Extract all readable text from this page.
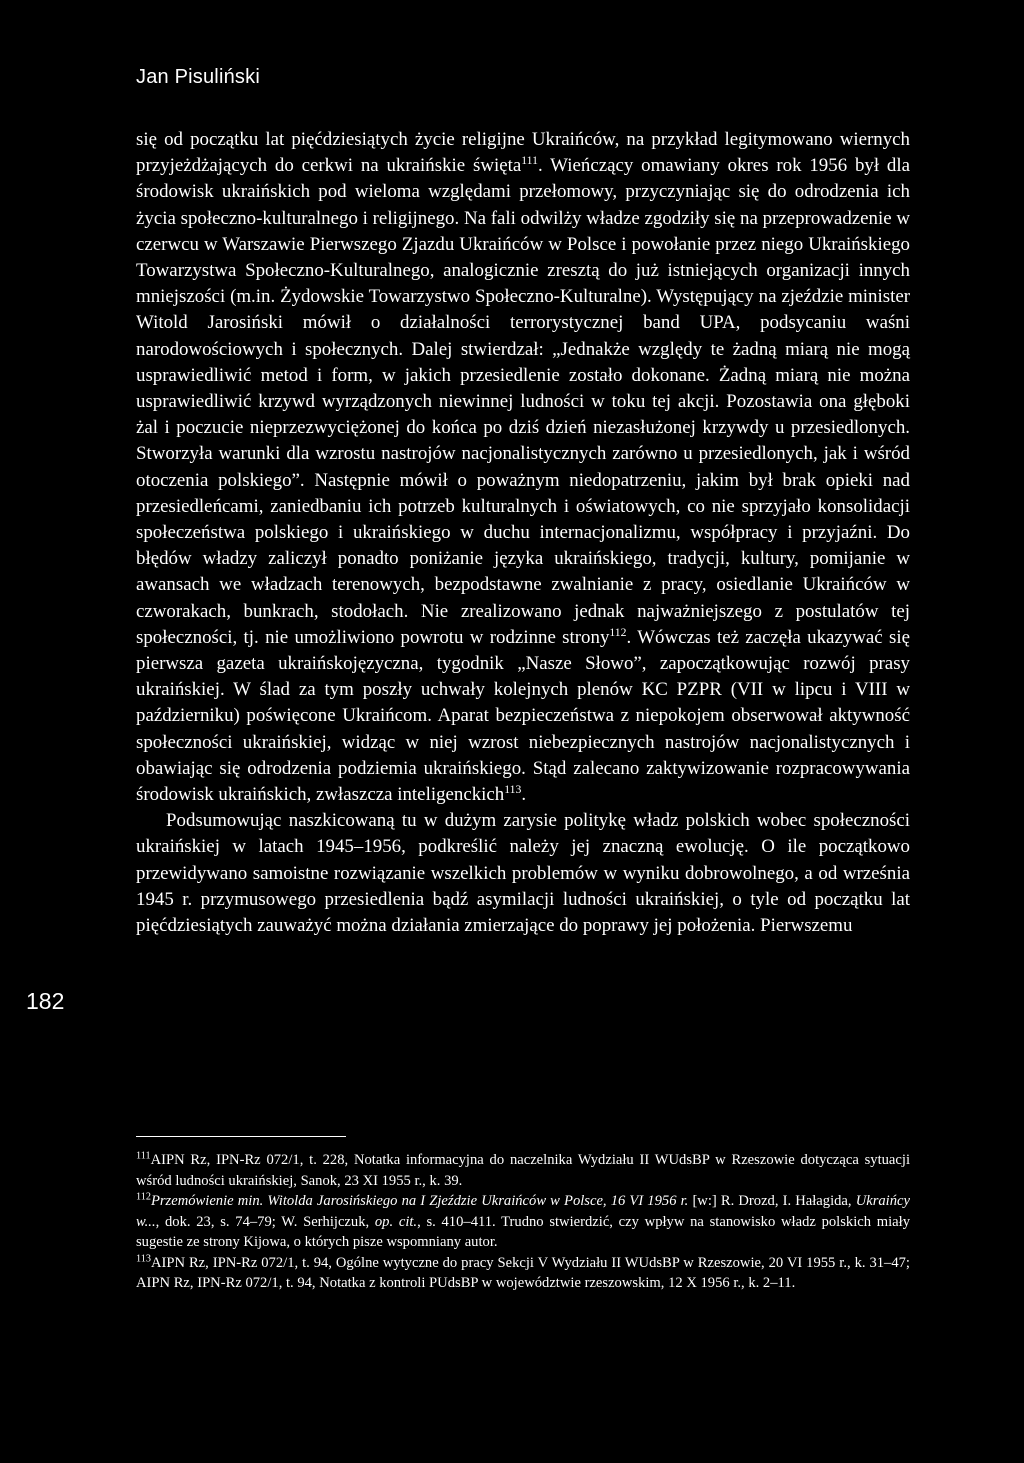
Jan Pisuliński
182

się od początku lat pięćdziesiątych życie religijne Ukraińców, na przykład legitymowano wiernych przyjeżdżających do cerkwi na ukraińskie święta$^{111}$. Wieńczący omawiany okres rok 1956 był dla środowisk ukraińskich pod wieloma względami przełomowy, przyczyniając się do odrodzenia ich życia społeczno-kulturalnego i religijnego. Na fali odwilży władze zgodziły się na przeprowadzenie w czerwcu w Warszawie Pierwszego Zjazdu Ukraińców w Polsce i powołanie przez niego Ukraińskiego Towarzystwa Społeczno-Kulturalnego, analogicznie zresztą do już istniejących organizacji innych mniejszości (m.in. Żydowskie Towarzystwo Społeczno-Kulturalne). Występujący na zjeździe minister Witold Jarosiński mówił o działalności terrorystycznej band UPA, podsycaniu waśni narodowościowych i społecznych. Dalej stwierdzał: „Jednakże względy te żadną miarą nie mogą usprawiedliwić metod i form, w jakich przesiedlenie zostało dokonane. Żadną miarą nie można usprawiedliwić krzywd wyrządzonych niewinnej ludności w toku tej akcji. Pozostawia ona głęboki żal i poczucie nieprzezwyciężonej do końca po dziś dzień niezasłużonej krzywdy u przesiedlonych. Stworzyła warunki dla wzrostu nastrojów nacjonalistycznych zarówno u przesiedlonych, jak i wśród otoczenia polskiego”. Następnie mówił o poważnym niedopatrzeniu, jakim był brak opieki nad przesiedleńcami, zaniedbaniu ich potrzeb kulturalnych i oświatowych, co nie sprzyjało konsolidacji społeczeństwa polskiego i ukraińskiego w duchu internacjonalizmu, współpracy i przyjaźni. Do błędów władzy zaliczył ponadto poniżanie języka ukraińskiego, tradycji, kultury, pomijanie w awansach we władzach terenowych, bezpodstawne zwalnianie z pracy, osiedlanie Ukraińców w czworakach, bunkrach, stodołach. Nie zrealizowano jednak najważniejszego z postulatów tej społeczności, tj. nie umożliwiono powrotu w rodzinne strony$^{112}$. Wówczas też zaczęła ukazywać się pierwsza gazeta ukraińskojęzyczna, tygodnik „Nasze Słowo”, zapoczątkowując rozwój prasy ukraińskiej. W ślad za tym poszły uchwały kolejnych plenów KC PZPR (VII w lipcu i VIII w październiku) poświęcone Ukraińcom. Aparat bezpieczeństwa z niepokojem obserwował aktywność społeczności ukraińskiej, widząc w niej wzrost niebezpiecznych nastrojów nacjonalistycznych i obawiając się odrodzenia podziemia ukraińskiego. Stąd zalecano zaktywizowanie rozpracowywania środowisk ukraińskich, zwłaszcza inteligenckich$^{113}$.

Podsumowując naszkicowaną tu w dużym zarysie politykę władz polskich wobec społeczności ukraińskiej w latach 1945–1956, podkreślić należy jej znaczną ewolucję. O ile początkowo przewidywano samoistne rozwiązanie wszelkich problemów w wyniku dobrowolnego, a od września 1945 r. przymusowego przesiedlenia bądź asymilacji ludności ukraińskiej, o tyle od początku lat pięćdziesiątych zauważyć można działania zmierzające do poprawy jej położenia. Pierwszemu

$^{111}$AIPN Rz, IPN-Rz 072/1, t. 228, Notatka informacyjna do naczelnika Wydziału II WUdsBP w Rzeszowie dotycząca sytuacji wśród ludności ukraińskiej, Sanok, 23 XI 1955 r., k. 39.

$^{112}$Przemówienie min. Witolda Jarosińskiego na I Zjeździe Ukraińców w Polsce, 16 VI 1956 r. [w:] R. Drozd, I. Hałagida, Ukraińcy w..., dok. 23, s. 74–79; W. Serhijczuk, op. cit., s. 410–411. Trudno stwierdzić, czy wpływ na stanowisko władz polskich miały sugestie ze strony Kijowa, o których pisze wspomniany autor.

$^{113}$AIPN Rz, IPN-Rz 072/1, t. 94, Ogólne wytyczne do pracy Sekcji V Wydziału II WUdsBP w Rzeszowie, 20 VI 1955 r., k. 31–47; AIPN Rz, IPN-Rz 072/1, t. 94, Notatka z kontroli PUdsBP w województwie rzeszowskim, 12 X 1956 r., k. 2–11.
